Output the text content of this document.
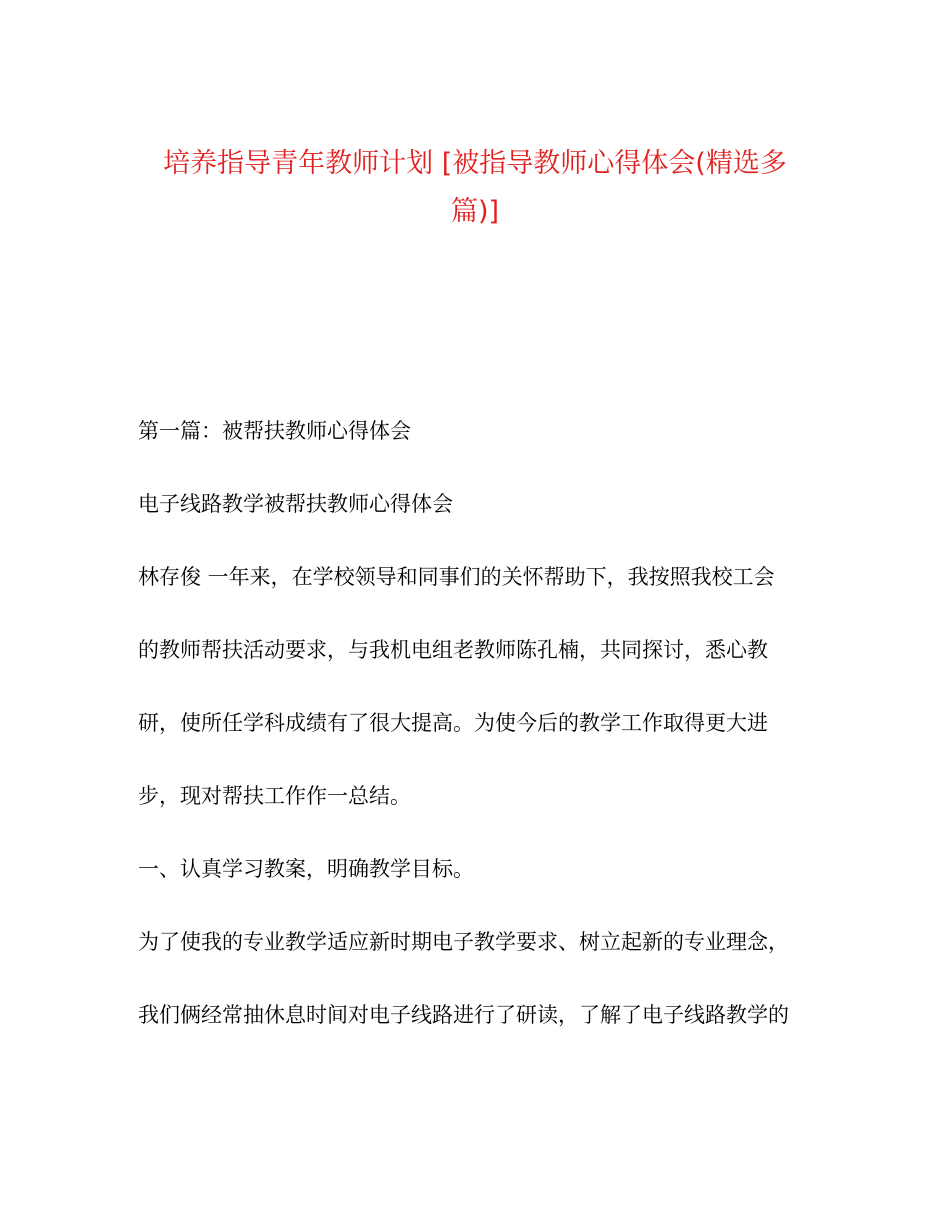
培养指导青年教师计划 [被指导教师心得体会(精选多
篇)]

第一篇：被帮扶教师心得体会

电子线路教学被帮扶教师心得体会

林存俊 一年来，在学校领导和同事们的关怀帮助下，我按照我校工会

的教师帮扶活动要求，与我机电组老教师陈孔楠，共同探讨，悉心教

研，使所任学科成绩有了很大提高。为使今后的教学工作取得更大进

步，现对帮扶工作作一总结。

一、认真学习教案，明确教学目标。

为了使我的专业教学适应新时期电子教学要求、树立起新的专业理念，

我们俩经常抽休息时间对电子线路进行了研读，了解了电子线路教学的
